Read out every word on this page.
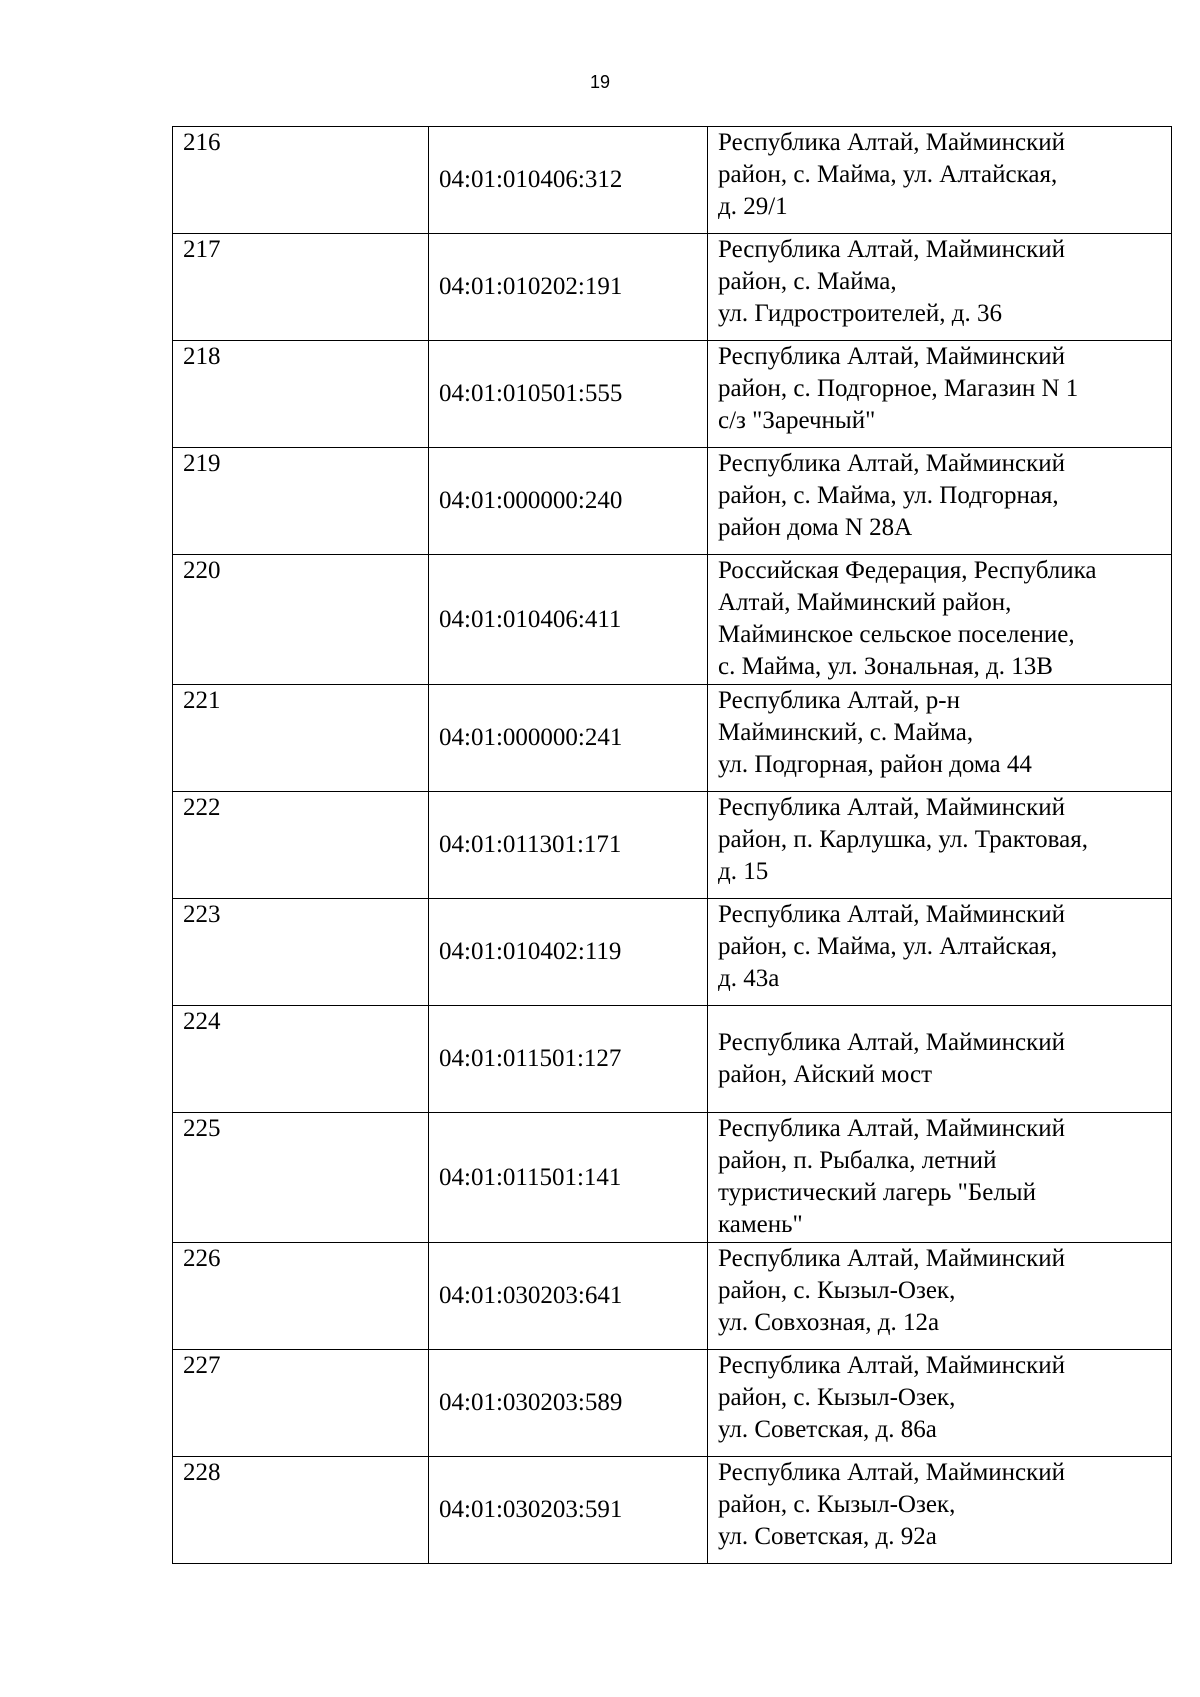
19
216	04:01:010406:312	Республика Алтай, Майминский
район, с. Майма, ул. Алтайская,
д. 29/1

217	04:01:010202:191	Республика Алтай, Майминский
район, с. Майма,
ул. Гидростроителей, д. 36

218	04:01:010501:555	Республика Алтай, Майминский
район, с. Подгорное, Магазин N 1
с/з "Заречный"

219	04:01:000000:240	Республика Алтай, Майминский
район, с. Майма, ул. Подгорная,
район дома N 28А

220	04:01:010406:411	Российская Федерация, Республика
Алтай, Майминский район,
Майминское сельское поселение,
с. Майма, ул. Зональная, д. 13В

221	04:01:000000:241	Республика Алтай, р-н
Майминский, с. Майма,
ул. Подгорная, район дома 44

222	04:01:011301:171	Республика Алтай, Майминский
район, п. Карлушка, ул. Трактовая,
д. 15

223	04:01:010402:119	Республика Алтай, Майминский
район, с. Майма, ул. Алтайская,
д. 43а

224	04:01:011501:127	Республика Алтай, Майминский
район, Айский мост

225	04:01:011501:141	Республика Алтай, Майминский
район, п. Рыбалка, летний
туристический лагерь "Белый
камень"

226	04:01:030203:641	Республика Алтай, Майминский
район, с. Кызыл-Озек,
ул. Совхозная, д. 12а

227	04:01:030203:589	Республика Алтай, Майминский
район, с. Кызыл-Озек,
ул. Советская, д. 86а

228	04:01:030203:591	Республика Алтай, Майминский
район, с. Кызыл-Озек,
ул. Советская, д. 92а
